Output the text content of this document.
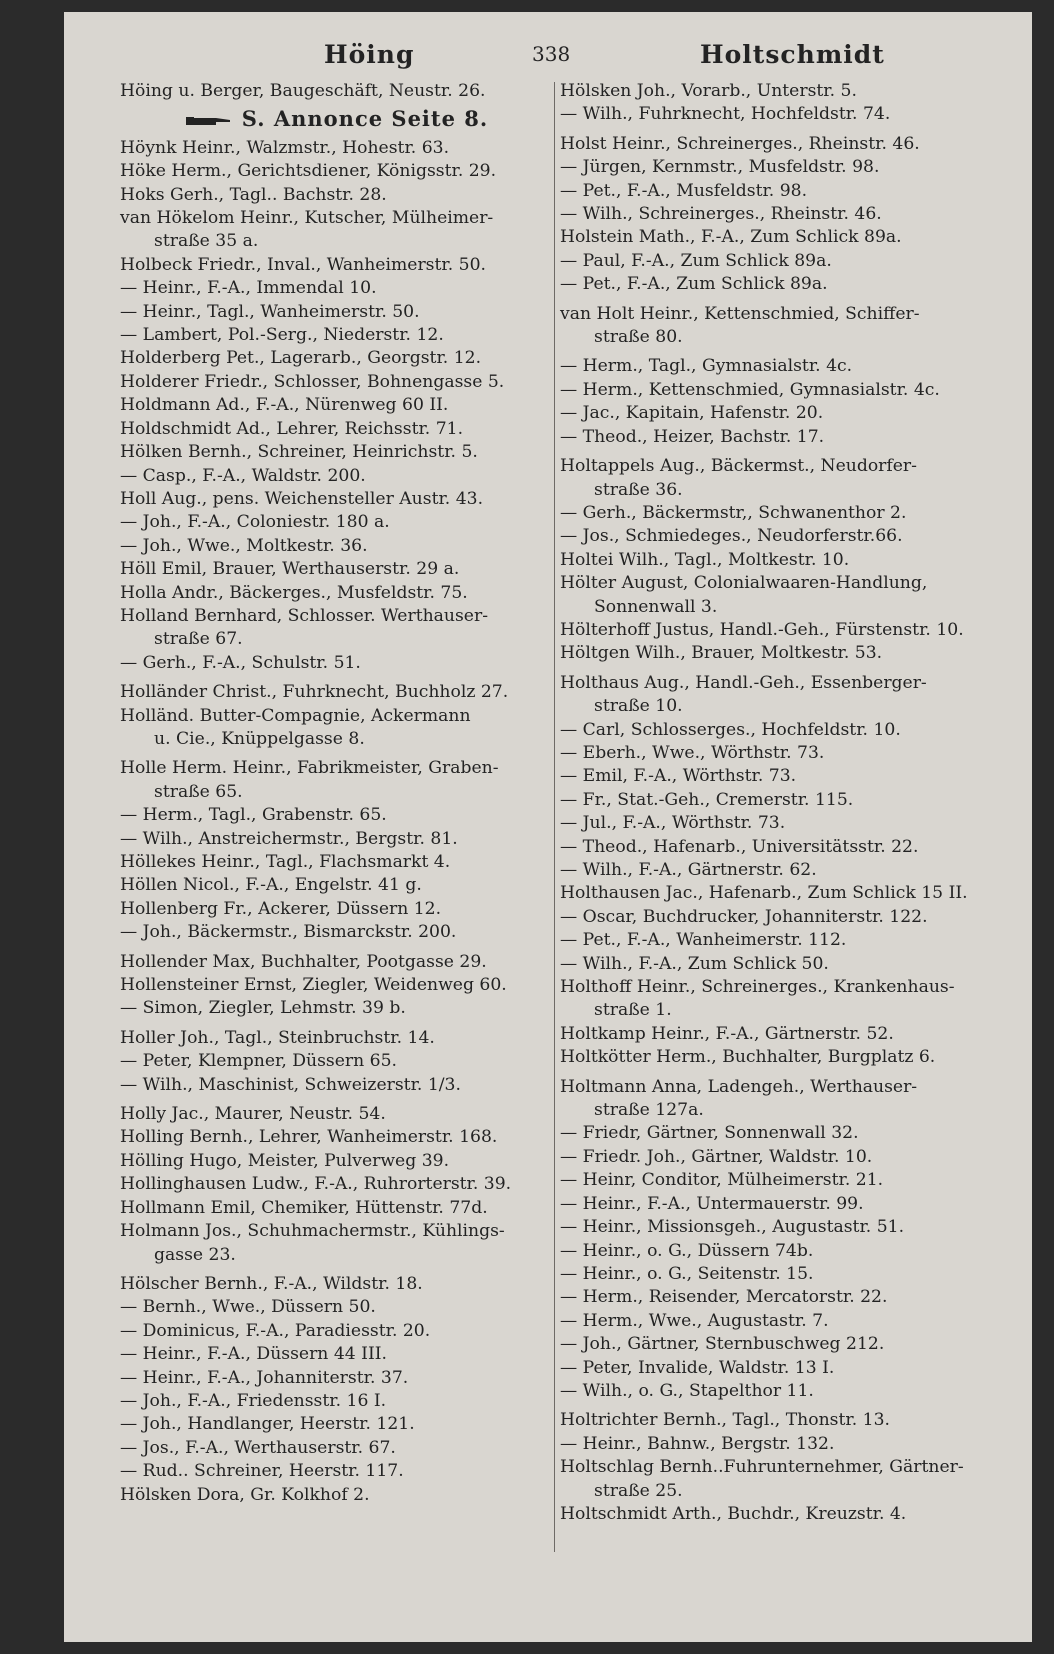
Höing	338	Holtschmidt
Höing u. Berger, Baugeschäft, Neustr. 26.
S. Annonce Seite 8.
Höynk Heinr., Walzmstr., Hohestr. 63.
Höke Herm., Gerichtsdiener, Königsstr. 29.
Hoks Gerh., Tagl.. Bachstr. 28.
van Hökelom Heinr., Kutscher, Mülheimer-
straße 35 a.
Holbeck Friedr., Inval., Wanheimerstr. 50.
— Heinr., F.-A., Immendal 10.
— Heinr., Tagl., Wanheimerstr. 50.
— Lambert, Pol.-Serg., Niederstr. 12.
Holderberg Pet., Lagerarb., Georgstr. 12.
Holderer Friedr., Schlosser, Bohnengasse 5.
Holdmann Ad., F.-A., Nürenweg 60 II.
Holdschmidt Ad., Lehrer, Reichsstr. 71.
Hölken Bernh., Schreiner, Heinrichstr. 5.
— Casp., F.-A., Waldstr. 200.
Holl Aug., pens. Weichensteller Austr. 43.
— Joh., F.-A., Coloniestr. 180 a.
— Joh., Wwe., Moltkestr. 36.
Höll Emil, Brauer, Werthauserstr. 29 a.
Holla Andr., Bäckerges., Musfeldstr. 75.
Holland Bernhard, Schlosser. Werthauser-
straße 67.
— Gerh., F.-A., Schulstr. 51.
Holländer Christ., Fuhrknecht, Buchholz 27.
Holländ. Butter-Compagnie, Ackermann
u. Cie., Knüppelgasse 8.
Holle Herm. Heinr., Fabrikmeister, Graben-
straße 65.
— Herm., Tagl., Grabenstr. 65.
— Wilh., Anstreichermstr., Bergstr. 81.
Höllekes Heinr., Tagl., Flachsmarkt 4.
Höllen Nicol., F.-A., Engelstr. 41 g.
Hollenberg Fr., Ackerer, Düssern 12.
— Joh., Bäckermstr., Bismarckstr. 200.
Hollender Max, Buchhalter, Pootgasse 29.
Hollensteiner Ernst, Ziegler, Weidenweg 60.
— Simon, Ziegler, Lehmstr. 39 b.
Holler Joh., Tagl., Steinbruchstr. 14.
— Peter, Klempner, Düssern 65.
— Wilh., Maschinist, Schweizerstr. 1/3.
Holly Jac., Maurer, Neustr. 54.
Holling Bernh., Lehrer, Wanheimerstr. 168.
Hölling Hugo, Meister, Pulverweg 39.
Hollinghausen Ludw., F.-A., Ruhrorterstr. 39.
Hollmann Emil, Chemiker, Hüttenstr. 77d.
Holmann Jos., Schuhmachermstr., Kühlings-
gasse 23.
Hölscher Bernh., F.-A., Wildstr. 18.
— Bernh., Wwe., Düssern 50.
— Dominicus, F.-A., Paradiesstr. 20.
— Heinr., F.-A., Düssern 44 III.
— Heinr., F.-A., Johanniterstr. 37.
— Joh., F.-A., Friedensstr. 16 I.
— Joh., Handlanger, Heerstr. 121.
— Jos., F.-A., Werthauserstr. 67.
— Rud.. Schreiner, Heerstr. 117.
Hölsken Dora, Gr. Kolkhof 2.
Hölsken Joh., Vorarb., Unterstr. 5.
— Wilh., Fuhrknecht, Hochfeldstr. 74.
Holst Heinr., Schreinerges., Rheinstr. 46.
— Jürgen, Kernmstr., Musfeldstr. 98.
— Pet., F.-A., Musfeldstr. 98.
— Wilh., Schreinerges., Rheinstr. 46.
Holstein Math., F.-A., Zum Schlick 89a.
— Paul, F.-A., Zum Schlick 89a.
— Pet., F.-A., Zum Schlick 89a.
van Holt Heinr., Kettenschmied, Schiffer-
straße 80.
— Herm., Tagl., Gymnasialstr. 4c.
— Herm., Kettenschmied, Gymnasialstr. 4c.
— Jac., Kapitain, Hafenstr. 20.
— Theod., Heizer, Bachstr. 17.
Holtappels Aug., Bäckermst., Neudorfer-
straße 36.
— Gerh., Bäckermstr,, Schwanenthor 2.
— Jos., Schmiedeges., Neudorferstr.66.
Holtei Wilh., Tagl., Moltkestr. 10.
Hölter August, Colonialwaaren-Handlung,
Sonnenwall 3.
Hölterhoff Justus, Handl.-Geh., Fürstenstr. 10.
Höltgen Wilh., Brauer, Moltkestr. 53.
Holthaus Aug., Handl.-Geh., Essenberger-
straße 10.
— Carl, Schlosserges., Hochfeldstr. 10.
— Eberh., Wwe., Wörthstr. 73.
— Emil, F.-A., Wörthstr. 73.
— Fr., Stat.-Geh., Cremerstr. 115.
— Jul., F.-A., Wörthstr. 73.
— Theod., Hafenarb., Universitätsstr. 22.
— Wilh., F.-A., Gärtnerstr. 62.
Holthausen Jac., Hafenarb., Zum Schlick 15 II.
— Oscar, Buchdrucker, Johanniterstr. 122.
— Pet., F.-A., Wanheimerstr. 112.
— Wilh., F.-A., Zum Schlick 50.
Holthoff Heinr., Schreinerges., Krankenhaus-
straße 1.
Holtkamp Heinr., F.-A., Gärtnerstr. 52.
Holtkötter Herm., Buchhalter, Burgplatz 6.
Holtmann Anna, Ladengeh., Werthauser-
straße 127a.
— Friedr, Gärtner, Sonnenwall 32.
— Friedr. Joh., Gärtner, Waldstr. 10.
— Heinr, Conditor, Mülheimerstr. 21.
— Heinr., F.-A., Untermauerstr. 99.
— Heinr., Missionsgeh., Augustastr. 51.
— Heinr., o. G., Düssern 74b.
— Heinr., o. G., Seitenstr. 15.
— Herm., Reisender, Mercatorstr. 22.
— Herm., Wwe., Augustastr. 7.
— Joh., Gärtner, Sternbuschweg 212.
— Peter, Invalide, Waldstr. 13 I.
— Wilh., o. G., Stapelthor 11.
Holtrichter Bernh., Tagl., Thonstr. 13.
— Heinr., Bahnw., Bergstr. 132.
Holtschlag Bernh..Fuhrunternehmer, Gärtner-
straße 25.
Holtschmidt Arth., Buchdr., Kreuzstr. 4.
